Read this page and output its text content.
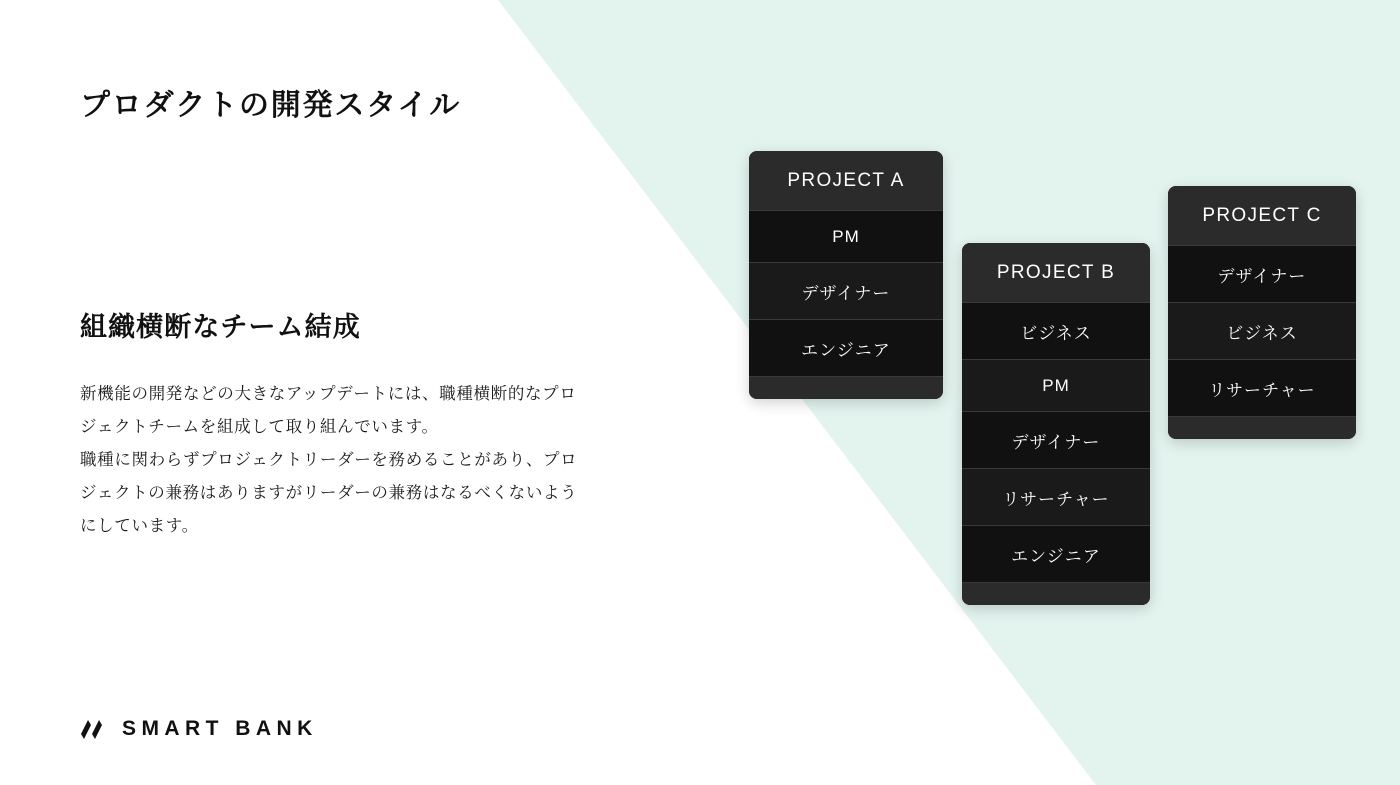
プロダクトの開発スタイル
組織横断なチーム結成

新機能の開発などの大きなアップデートには、職種横断的なプロ

ジェクトチームを組成して取り組んでいます。

職種に関わらずプロジェクトリーダーを務めることがあり、プロ

ジェクトの兼務はありますがリーダーの兼務はなるべくないよう

にしています。

PROJECT A
PM
デザイナー
エンジニア
PROJECT B
ビジネス
PM
デザイナー
リサーチャー
エンジニア
PROJECT C
デザイナー
ビジネス
リサーチャー
SMART BANK
